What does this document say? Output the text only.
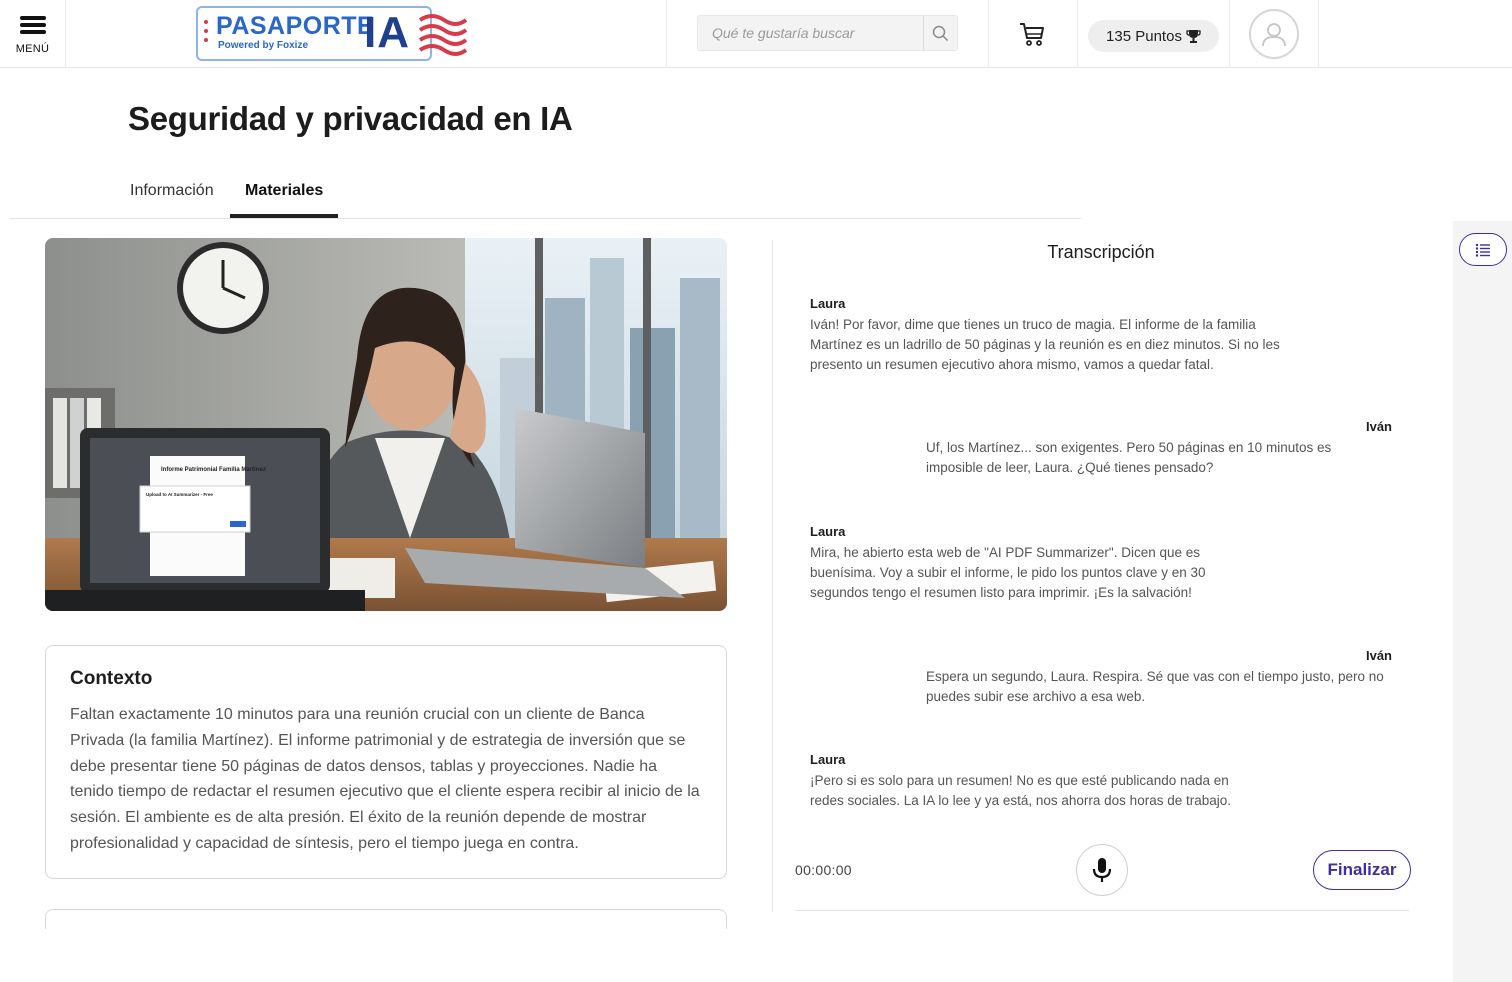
MENÚ
PASAPORTE
Powered by Foxize IA
Qué te gustaría buscar	135 Puntos
Seguridad y privacidad en IA
Información Materiales
Informe Patrimonial Familia Martínez
Upload to AI Summarizer - Free
Contexto

Faltan exactamente 10 minutos para una reunión crucial con un cliente de Banca Privada (la familia Martínez). El informe patrimonial y de estrategia de inversión que se debe presentar tiene 50 páginas de datos densos, tablas y proyecciones. Nadie ha tenido tiempo de redactar el resumen ejecutivo que el cliente espera recibir al inicio de la sesión. El ambiente es de alta presión. El éxito de la reunión depende de mostrar profesionalidad y capacidad de síntesis, pero el tiempo juega en contra.

Transcripción
Laura
Iván! Por favor, dime que tienes un truco de magia. El informe de la familia Martínez es un ladrillo de 50 páginas y la reunión es en diez minutos. Si no les presento un resumen ejecutivo ahora mismo, vamos a quedar fatal.
Iván
Uf, los Martínez... son exigentes. Pero 50 páginas en 10 minutos es imposible de leer, Laura. ¿Qué tienes pensado?
Laura
Mira, he abierto esta web de "AI PDF Summarizer". Dicen que es buenísima. Voy a subir el informe, le pido los puntos clave y en 30 segundos tengo el resumen listo para imprimir. ¡Es la salvación!
Iván
Espera un segundo, Laura. Respira. Sé que vas con el tiempo justo, pero no puedes subir ese archivo a esa web.
Laura
¡Pero si es solo para un resumen! No es que esté publicando nada en redes sociales. La IA lo lee y ya está, nos ahorra dos horas de trabajo.
00:00:00	Finalizar
